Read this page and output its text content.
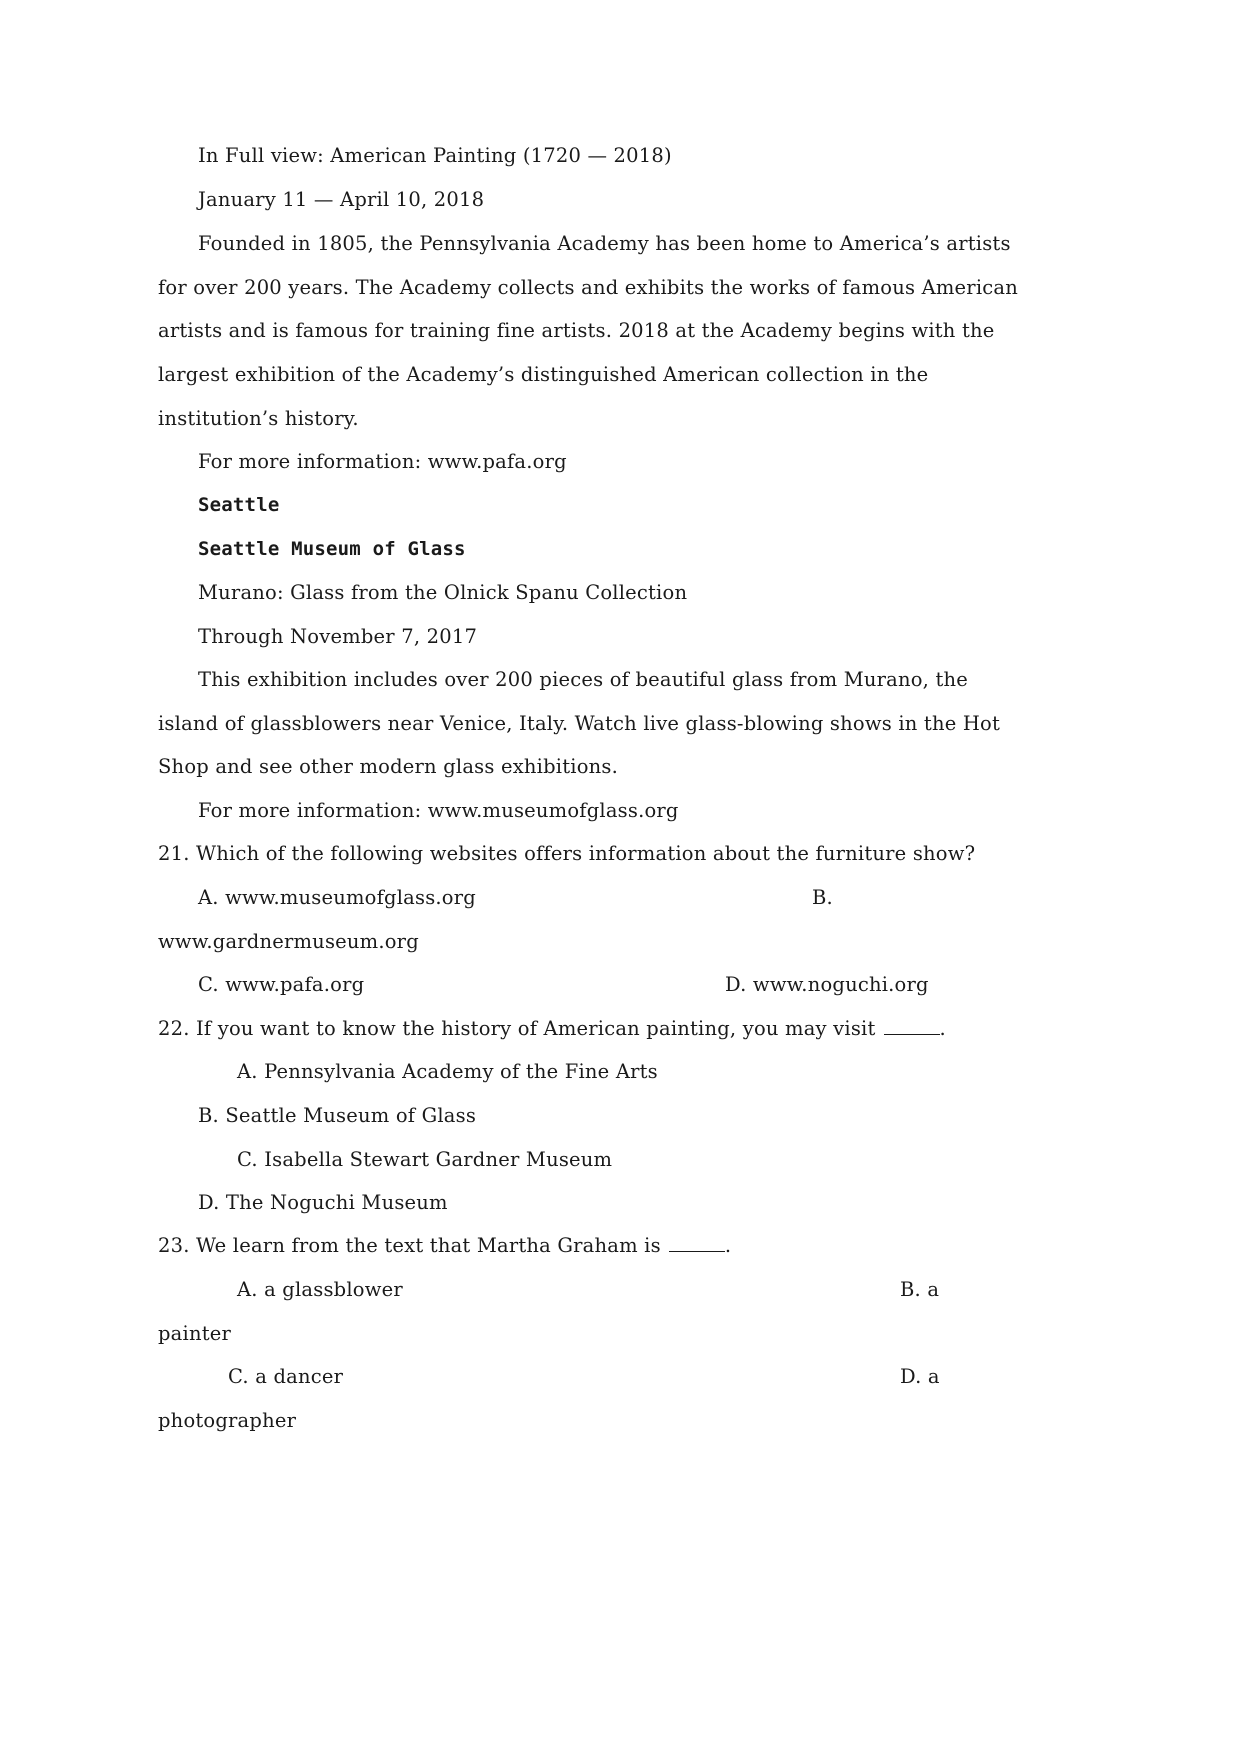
In Full view: American Painting (1720 — 2018)
January 11 — April 10, 2018
Founded in 1805, the Pennsylvania Academy has been home to America’s artists
for over 200 years. The Academy collects and exhibits the works of famous American
artists and is famous for training fine artists. 2018 at the Academy begins with the
largest exhibition of the Academy’s distinguished American collection in the
institution’s history.
For more information: www.pafa.org
Seattle
Seattle Museum of Glass
Murano: Glass from the Olnick Spanu Collection
Through November 7, 2017
This exhibition includes over 200 pieces of beautiful glass from Murano, the
island of glassblowers near Venice, Italy. Watch live glass-blowing shows in the Hot
Shop and see other modern glass exhibitions.
For more information: www.museumofglass.org
21. Which of the following websites offers information about the furniture show?
A. www.museumofglass.org	B.
www.gardnermuseum.org
C. www.pafa.org	D. www.noguchi.org
22. If you want to know the history of American painting, you may visit	.
A. Pennsylvania Academy of the Fine Arts
B. Seattle Museum of Glass
C. Isabella Stewart Gardner Museum
D. The Noguchi Museum
23. We learn from the text that Martha Graham is	.
A. a glassblower	B. a
painter
C. a dancer	D. a
photographer
